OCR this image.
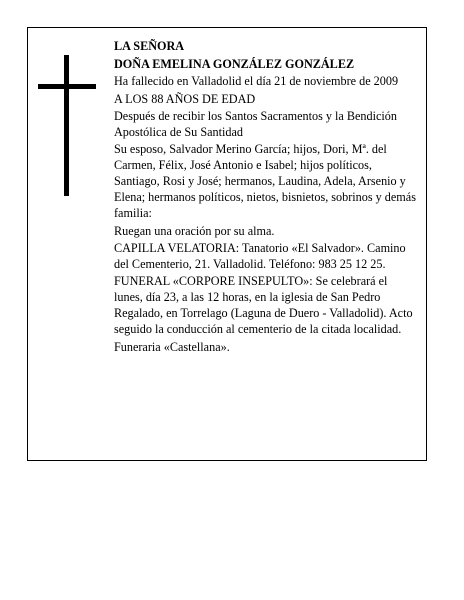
LA SEÑORA

DOÑA EMELINA GONZÁLEZ GONZÁLEZ

Ha fallecido en Valladolid el día 21 de noviembre de 2009

A LOS 88 AÑOS DE EDAD

Después de recibir los Santos Sacramentos y la Bendición Apostólica de Su Santidad

Su esposo, Salvador Merino García; hijos, Dori, Mª. del Carmen, Félix, José Antonio e Isabel; hijos políticos, Santiago, Rosi y José; hermanos, Laudina, Adela, Arsenio y Elena; hermanos políticos, nietos, bisnietos, sobrinos y demás familia:

Ruegan una oración por su alma.

CAPILLA VELATORIA: Tanatorio «El Salvador». Camino del Cementerio, 21. Valladolid. Teléfono: 983 25 12 25.

FUNERAL «CORPORE INSEPULTO»: Se celebrará el lunes, día 23, a las 12 horas, en la iglesia de San Pedro Regalado, en Torrelago (Laguna de Duero - Valladolid). Acto seguido la conducción al cementerio de la citada localidad.

Funeraria «Castellana».
